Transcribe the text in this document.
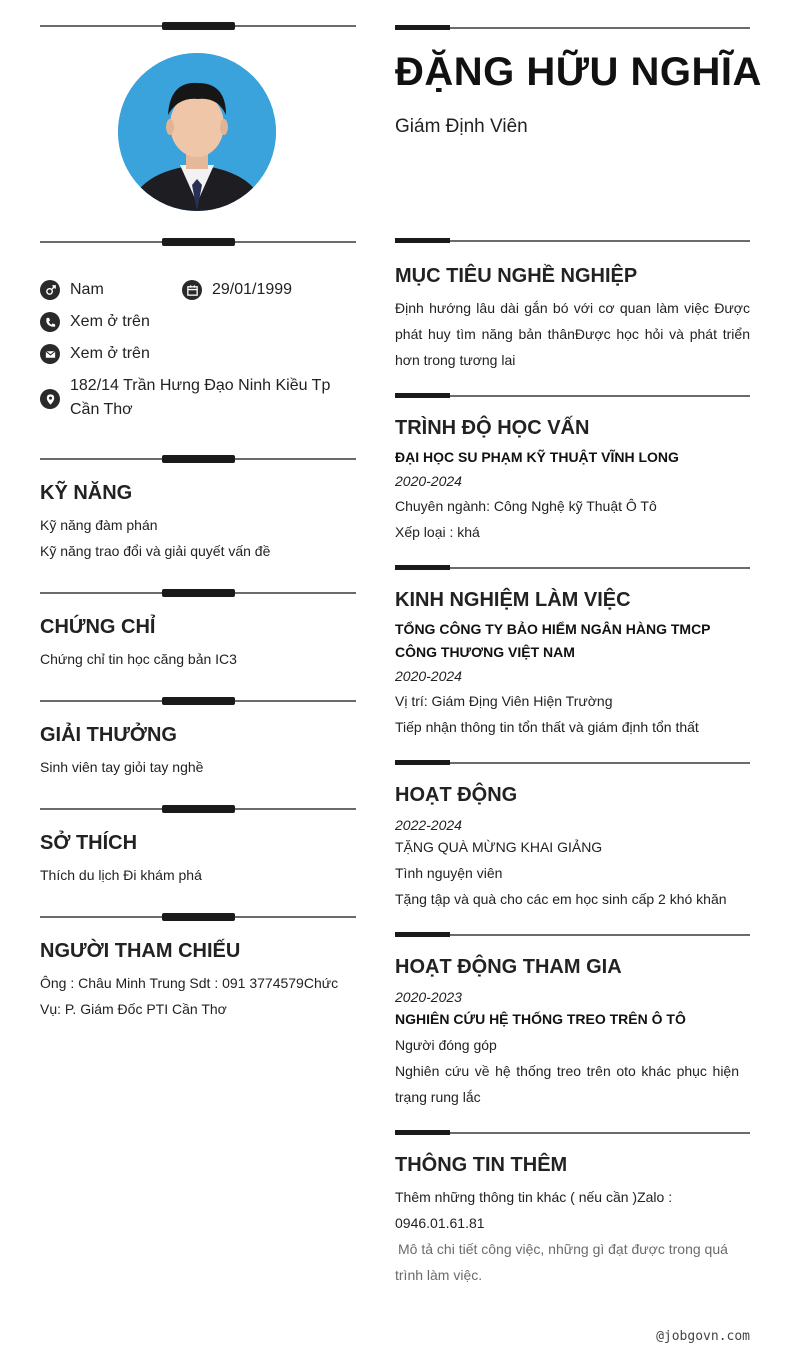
Nam	29/01/1999
Xem ở trên
Xem ở trên
182/14 Trần Hưng Đạo Ninh Kiều Tp Cần Thơ
KỸ NĂNG
Kỹ năng đàm phán
Kỹ năng trao đổi và giải quyết vấn đề
CHỨNG CHỈ
Chứng chỉ tin học căng bản IC3
GIẢI THƯỞNG
Sinh viên tay giỏi tay nghề
SỞ THÍCH
Thích du lịch Đi khám phá
NGƯỜI THAM CHIẾU
Ông : Châu Minh Trung Sdt : 091 3774579Chức Vụ: P. Giám Đốc PTI Cần Thơ
ĐẶNG HỮU NGHĨA
Giám Định Viên
MỤC TIÊU NGHỀ NGHIỆP
Định hướng lâu dài gắn bó với cơ quan làm việc Được phát huy tìm năng bản thânĐược học hỏi và phát triển hơn trong tương lai
TRÌNH ĐỘ HỌC VẤN
ĐẠI HỌC SU PHẠM KỸ THUẬT VĨNH LONG
2020-2024
Chuyên ngành: Công Nghệ kỹ Thuật Ô Tô
Xếp loại : khá
KINH NGHIỆM LÀM VIỆC
TỔNG CÔNG TY BẢO HIỂM NGÂN HÀNG TMCP CÔNG THƯƠNG VIỆT NAM
2020-2024
Vị trí: Giám Địng Viên Hiện Trường
Tiếp nhận thông tin tổn thất và giám định tổn thất
HOẠT ĐỘNG
2022-2024
TẶNG QUÀ MỪNG KHAI GIẢNG
Tình nguyện viên
Tặng tập và quà cho các em học sinh cấp 2 khó khăn
HOẠT ĐỘNG THAM GIA
2020-2023
NGHIÊN CỨU HỆ THỐNG TREO TRÊN Ô TÔ
Người đóng góp
Nghiên cứu về hệ thống treo trên oto khác phục hiện trạng rung lắc
THÔNG TIN THÊM
Thêm những thông tin khác ( nếu cần )Zalo : 0946.01.61.81
Mô tả chi tiết công việc, những gì đạt được trong quá trình làm việc.
@jobgovn.com
